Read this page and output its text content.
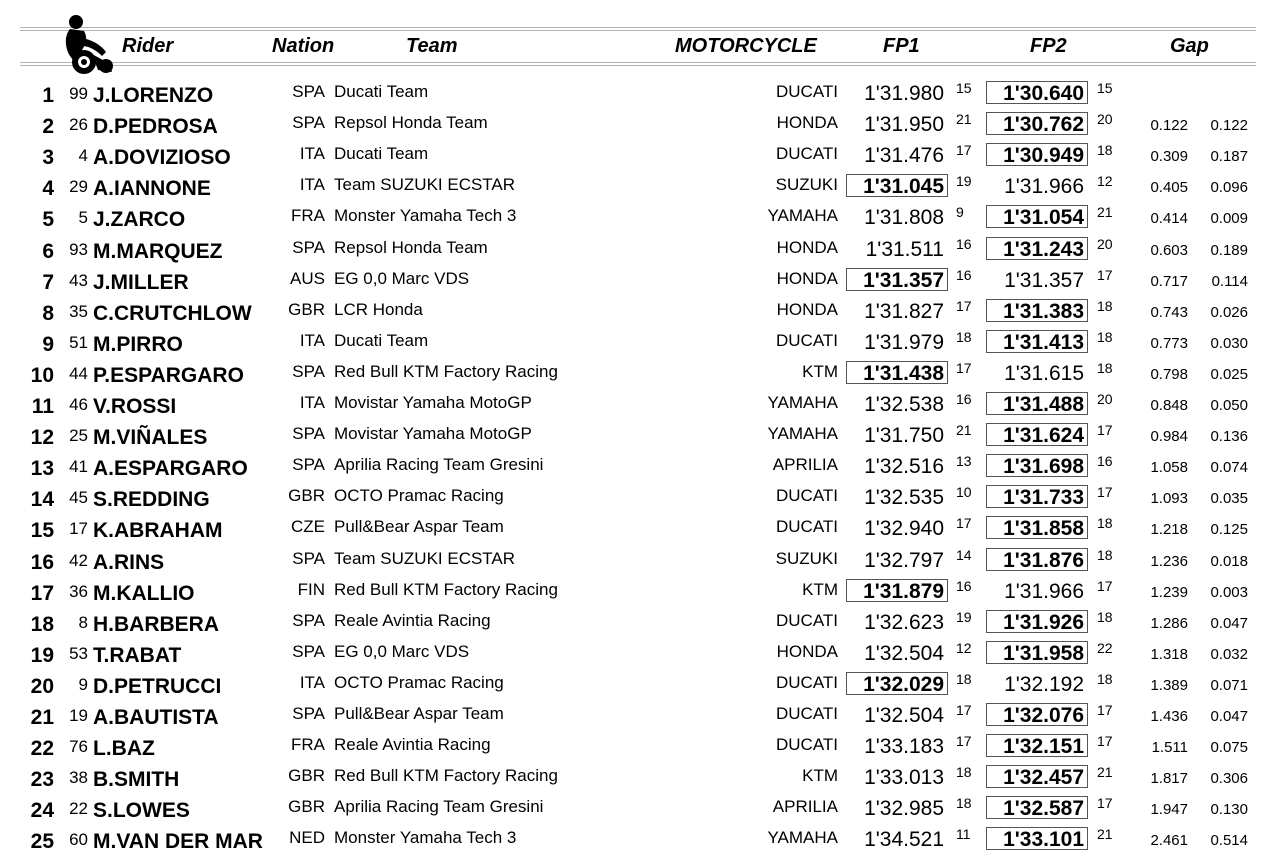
Rider	Nation	Team	MOTORCYCLE	FP1	FP2	Gap
1 99 J.LORENZO	SPA Ducati Team	DUCATI	1'31.980 15	1'30.640 15
2 26 D.PEDROSA	SPA Repsol Honda Team	HONDA	1'31.950 21	1'30.762 20	0.122	0.122
3	4 A.DOVIZIOSO	ITA Ducati Team	DUCATI	1'31.476 17	1'30.949 18	0.309	0.187
4 29 A.IANNONE	ITA Team SUZUKI ECSTAR	SUZUKI	1'31.045 19	1'31.966 12	0.405	0.096
5	5 J.ZARCO	FRA Monster Yamaha Tech 3	YAMAHA	1'31.808 9	1'31.054 21	0.414	0.009
6 93 M.MARQUEZ	SPA Repsol Honda Team	HONDA	1'31.511 16	1'31.243 20	0.603	0.189
7 43 J.MILLER	AUS EG 0,0 Marc VDS	HONDA	1'31.357 16	1'31.357 17	0.717	0.114
8 35 C.CRUTCHLOW	GBR LCR Honda	HONDA	1'31.827 17	1'31.383 18	0.743	0.026
9 51 M.PIRRO	ITA Ducati Team	DUCATI	1'31.979 18	1'31.413 18	0.773	0.030
10 44 P.ESPARGARO	SPA Red Bull KTM Factory Racing	KTM	1'31.438 17	1'31.615 18	0.798	0.025
11 46 V.ROSSI	ITA Movistar Yamaha MotoGP	YAMAHA	1'32.538 16	1'31.488 20	0.848	0.050
12 25 M.VIÑALES	SPA Movistar Yamaha MotoGP	YAMAHA	1'31.750 21	1'31.624 17	0.984	0.136
13 41 A.ESPARGARO	SPA Aprilia Racing Team Gresini	APRILIA	1'32.516 13	1'31.698 16	1.058	0.074
14 45 S.REDDING	GBR OCTO Pramac Racing	DUCATI	1'32.535 10	1'31.733 17	1.093	0.035
15 17 K.ABRAHAM	CZE Pull&Bear Aspar Team	DUCATI	1'32.940 17	1'31.858 18	1.218	0.125
16 42 A.RINS	SPA Team SUZUKI ECSTAR	SUZUKI	1'32.797 14	1'31.876 18	1.236	0.018
17 36 M.KALLIO	FIN Red Bull KTM Factory Racing	KTM	1'31.879 16	1'31.966 17	1.239	0.003
18	8 H.BARBERA	SPA Reale Avintia Racing	DUCATI	1'32.623 19	1'31.926 18	1.286	0.047
19 53 T.RABAT	SPA EG 0,0 Marc VDS	HONDA	1'32.504 12	1'31.958 22	1.318	0.032
20	9 D.PETRUCCI	ITA OCTO Pramac Racing	DUCATI	1'32.029 18	1'32.192 18	1.389	0.071
21 19 A.BAUTISTA	SPA Pull&Bear Aspar Team	DUCATI	1'32.504 17	1'32.076 17	1.436	0.047
22 76 L.BAZ	FRA Reale Avintia Racing	DUCATI	1'33.183 17	1'32.151 17	1.511	0.075
23 38 B.SMITH	GBR Red Bull KTM Factory Racing	KTM	1'33.013 18	1'32.457 21	1.817	0.306
24 22 S.LOWES	GBR Aprilia Racing Team Gresini	APRILIA	1'32.985 18	1'32.587 17	1.947	0.130
25 60 M.VAN DER MAR	NED Monster Yamaha Tech 3	YAMAHA	1'34.521 11	1'33.101 21	2.461	0.514
